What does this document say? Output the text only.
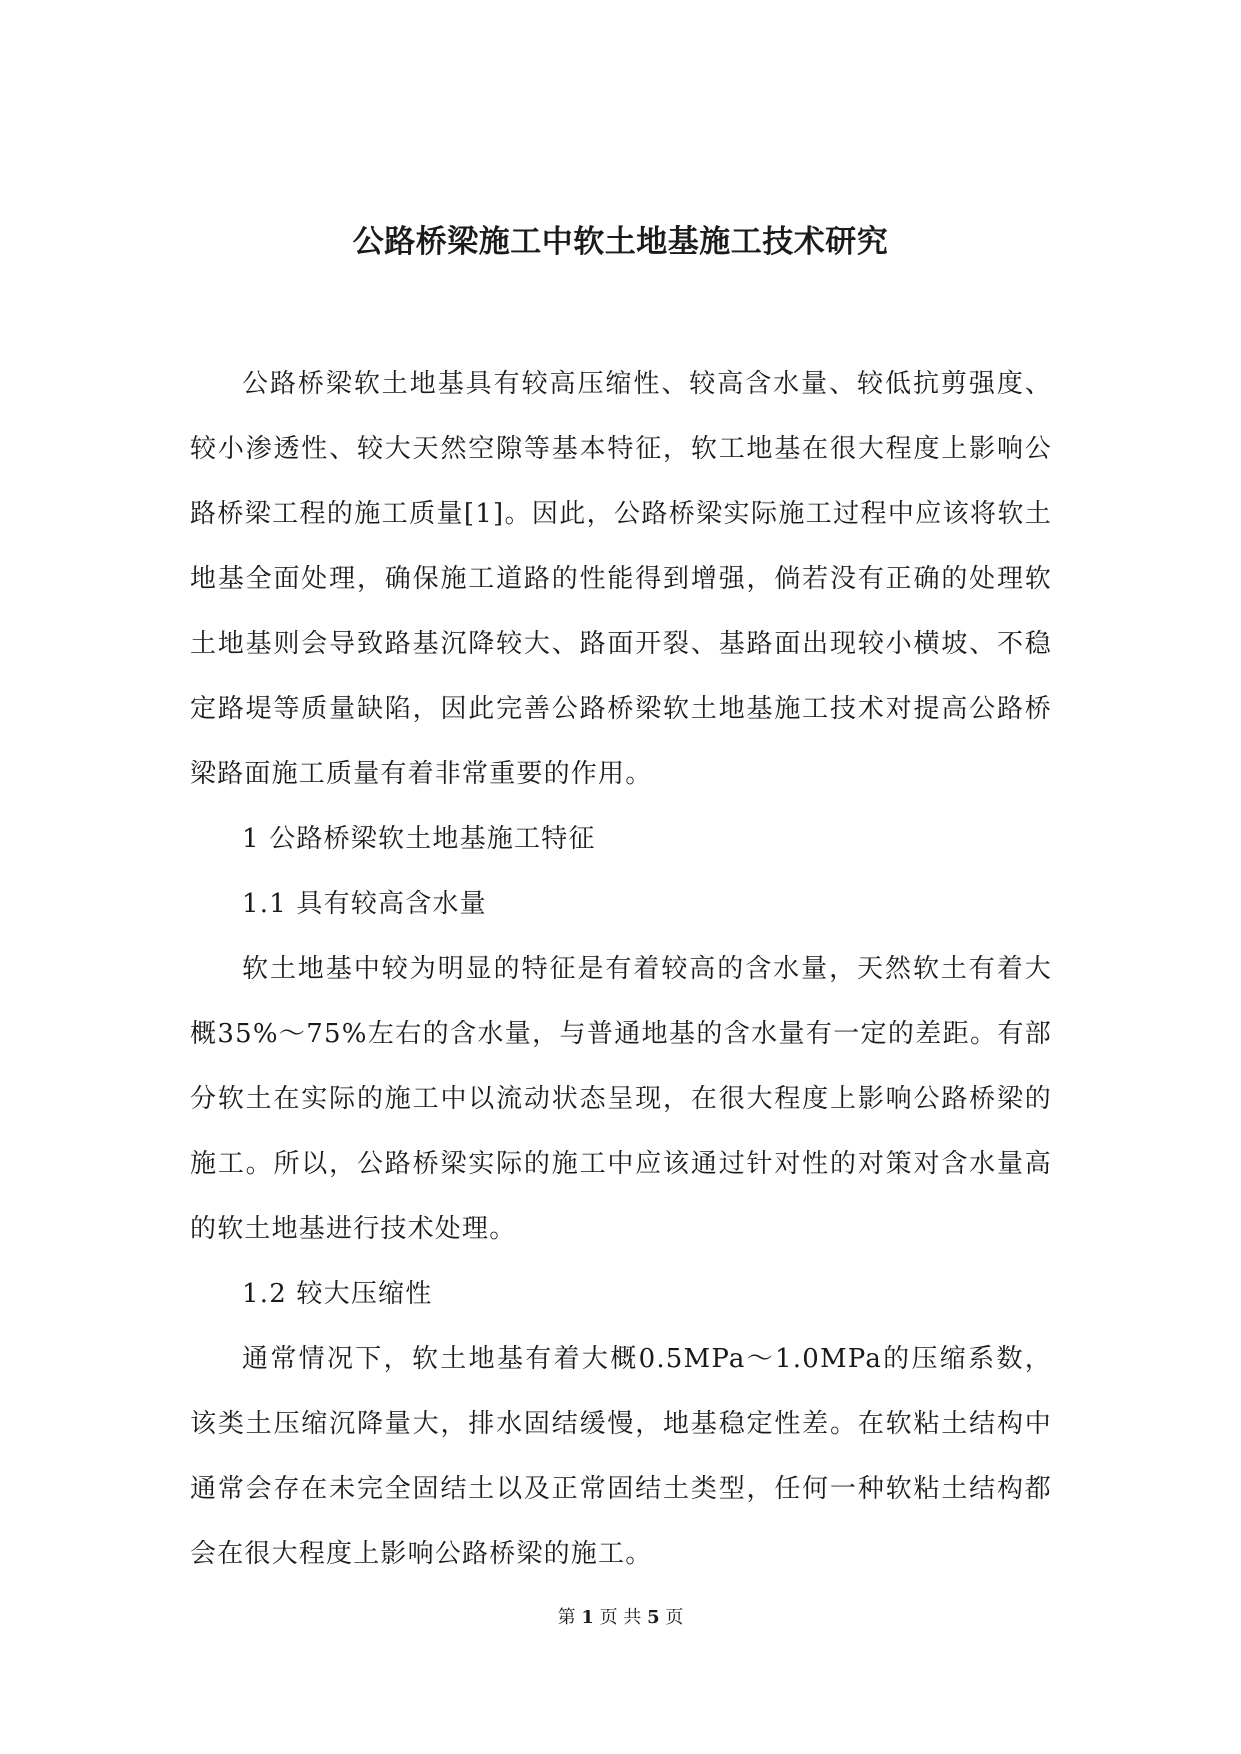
公路桥梁施工中软土地基施工技术研究

公路桥梁软土地基具有较高压缩性、较高含水量、较低抗剪强度、较小渗透性、较大天然空隙等基本特征，软工地基在很大程度上影响公路桥梁工程的施工质量[1]。因此，公路桥梁实际施工过程中应该将软土地基全面处理，确保施工道路的性能得到增强，倘若没有正确的处理软土地基则会导致路基沉降较大、路面开裂、基路面出现较小横坡、不稳定路堤等质量缺陷，因此完善公路桥梁软土地基施工技术对提高公路桥梁路面施工质量有着非常重要的作用。

1 公路桥梁软土地基施工特征

1.1 具有较高含水量

软土地基中较为明显的特征是有着较高的含水量，天然软土有着大概35%～75%左右的含水量，与普通地基的含水量有一定的差距。有部分软土在实际的施工中以流动状态呈现，在很大程度上影响公路桥梁的施工。所以，公路桥梁实际的施工中应该通过针对性的对策对含水量高的软土地基进行技术处理。

1.2 较大压缩性

通常情况下，软土地基有着大概0.5MPa～1.0MPa的压缩系数，该类土压缩沉降量大，排水固结缓慢，地基稳定性差。在软粘土结构中通常会存在未完全固结土以及正常固结土类型，任何一种软粘土结构都会在很大程度上影响公路桥梁的施工。

第 1 页 共 5 页
